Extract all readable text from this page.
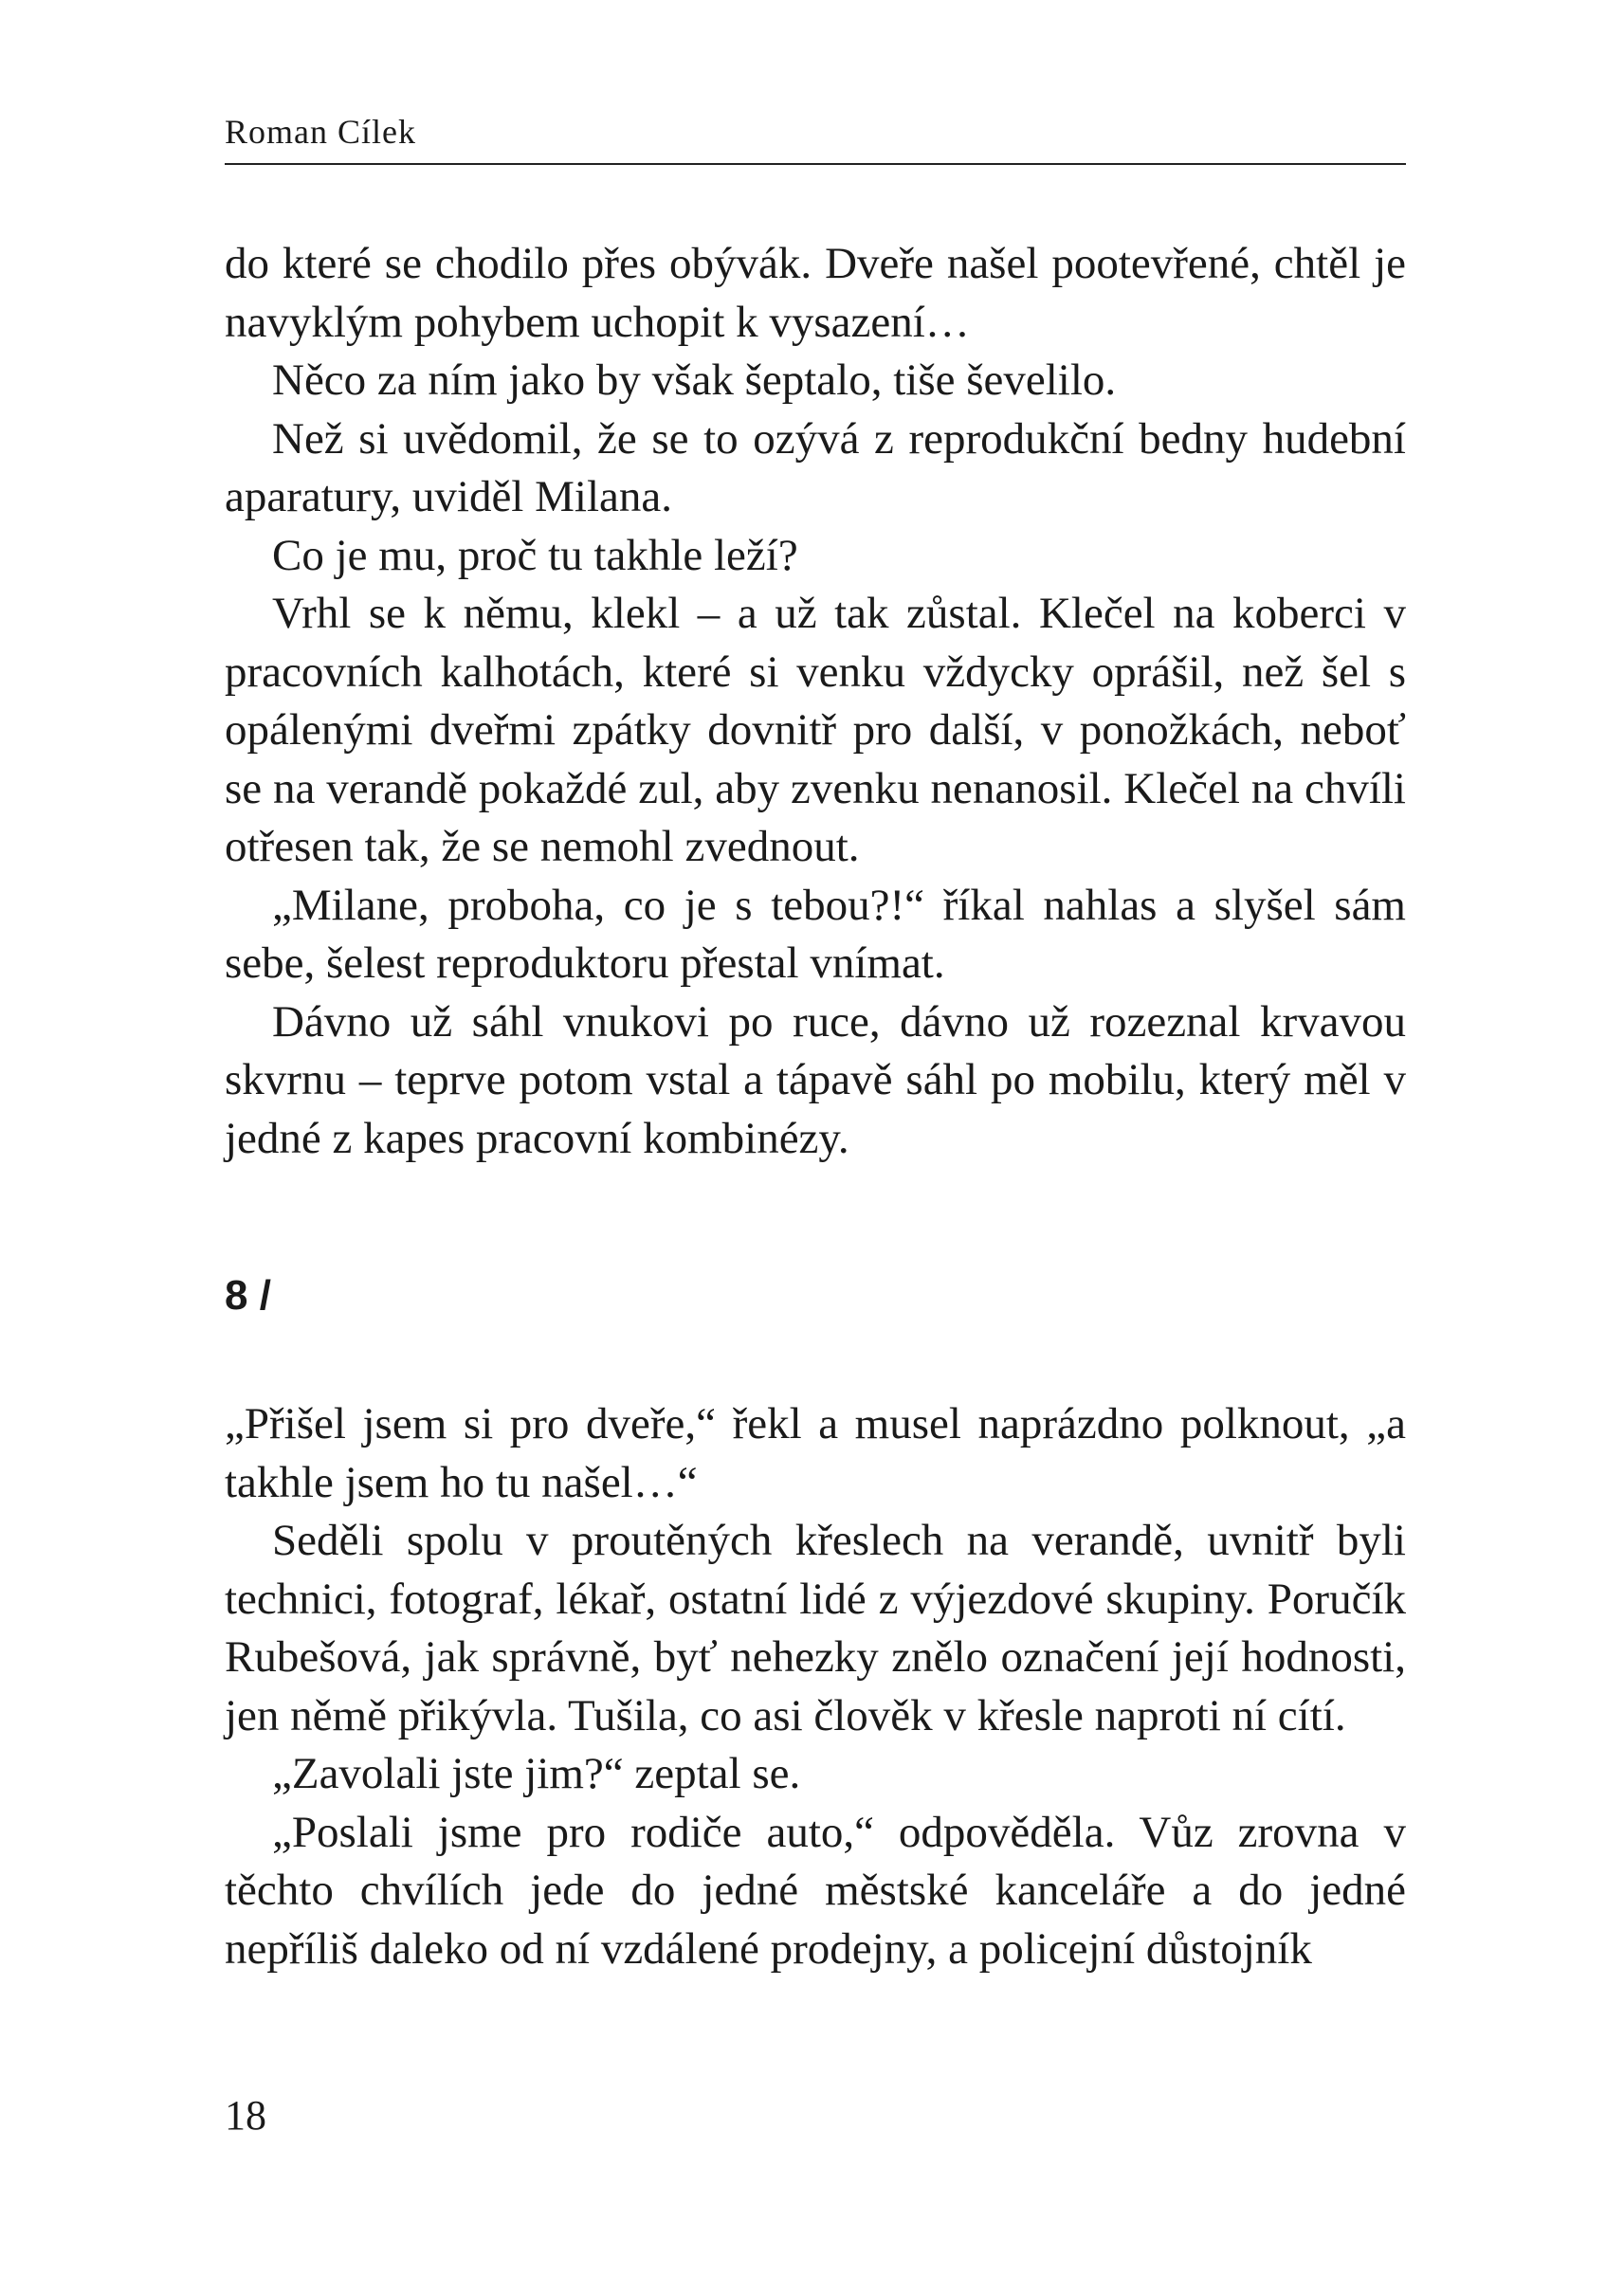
Roman Cílek

do které se chodilo přes obývák. Dveře našel pootevřené, chtěl je navyklým pohybem uchopit k vysazení…

Něco za ním jako by však šeptalo, tiše ševelilo.

Než si uvědomil, že se to ozývá z reprodukční bedny hudební aparatury, uviděl Milana.

Co je mu, proč tu takhle leží?

Vrhl se k němu, klekl – a už tak zůstal. Klečel na koberci v pracovních kalhotách, které si venku vždycky oprášil, než šel s opálenými dveřmi zpátky dovnitř pro další, v ponožkách, neboť se na verandě pokaždé zul, aby zvenku nenanosil. Klečel na chvíli otřesen tak, že se nemohl zvednout.

„Milane, proboha, co je s tebou?!“ říkal nahlas a slyšel sám sebe, šelest reproduktoru přestal vnímat.

Dávno už sáhl vnukovi po ruce, dávno už rozeznal krvavou skvrnu – teprve potom vstal a tápavě sáhl po mobilu, který měl v jedné z kapes pracovní kombinézy.

8 /

„Přišel jsem si pro dveře,“ řekl a musel naprázdno polknout, „a takhle jsem ho tu našel…“

Seděli spolu v proutěných křeslech na verandě, uvnitř byli technici, fotograf, lékař, ostatní lidé z výjezdové skupiny. Poručík Rubešová, jak správně, byť nehezky znělo označení její hodnosti, jen němě přikývla. Tušila, co asi člověk v křesle naproti ní cítí.

„Zavolali jste jim?“ zeptal se.

„Poslali jsme pro rodiče auto,“ odpověděla. Vůz zrovna v těchto chvílích jede do jedné městské kanceláře a do jedné nepříliš daleko od ní vzdálené prodejny, a policejní důstojník

18
